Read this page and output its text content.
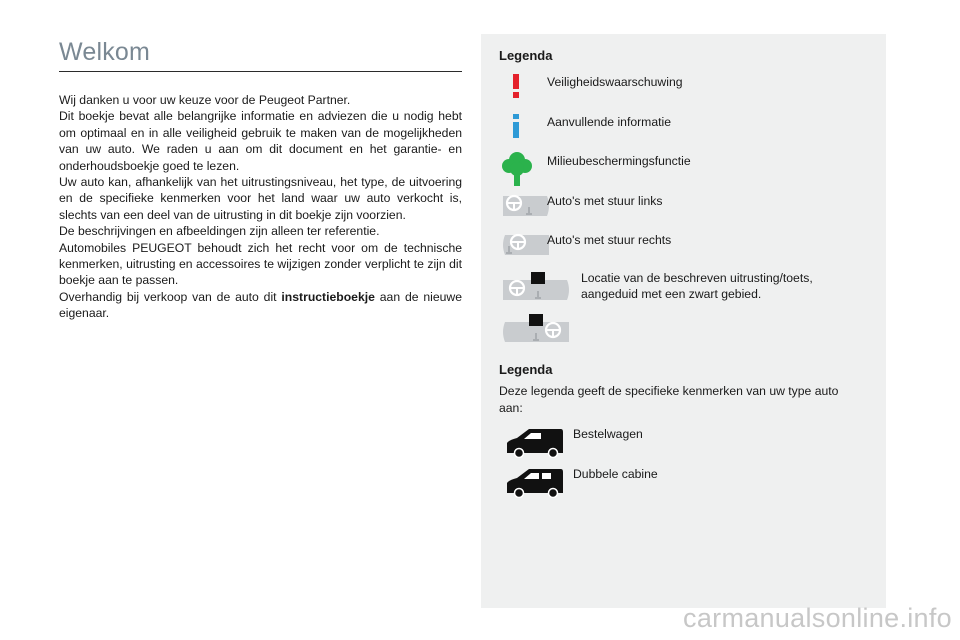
Welkom

Wij danken u voor uw keuze voor de Peugeot Partner.

Dit boekje bevat alle belangrijke informatie en adviezen die u nodig hebt om optimaal en in alle veiligheid gebruik te maken van de mogelijkheden van uw auto. We raden u aan om dit document en het garantie- en onderhoudsboekje goed te lezen.

Uw auto kan, afhankelijk van het uitrustingsniveau, het type, de uitvoering en de specifieke kenmerken voor het land waar uw auto verkocht is, slechts van een deel van de uitrusting in dit boekje zijn voorzien.

De beschrijvingen en afbeeldingen zijn alleen ter referentie.

Automobiles PEUGEOT behoudt zich het recht voor om de technische kenmerken, uitrusting en accessoires te wijzigen zonder verplicht te zijn dit boekje aan te passen.

Overhandig bij verkoop van de auto dit instructieboekje aan de nieuwe eigenaar.

Legenda
Veiligheidswaarschuwing
Aanvullende informatie
Milieubeschermingsfunctie
Auto's met stuur links
Auto's met stuur rechts
Locatie van de beschreven uitrusting/toets, aangeduid met een zwart gebied.
Legenda
Deze legenda geeft de specifieke kenmerken van uw type auto aan:
Bestelwagen
Dubbele cabine
carmanualsonline.info
